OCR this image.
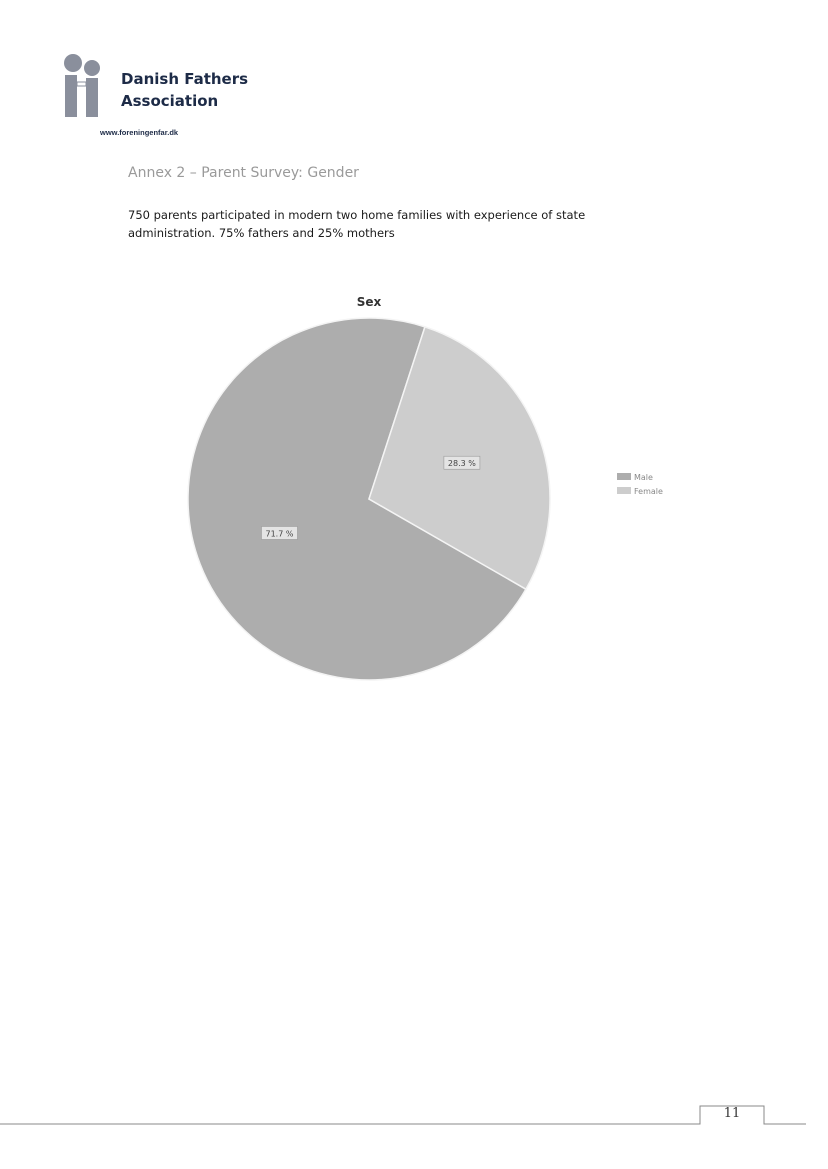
Danish Fathers
Association
www.foreningenfar.dk
Annex 2 – Parent Survey: Gender
750 parents participated in modern two home families with experience of state
administration. 75% fathers and 25% mothers
Sex
71.7 %
28.3 %
Male
Female
11
